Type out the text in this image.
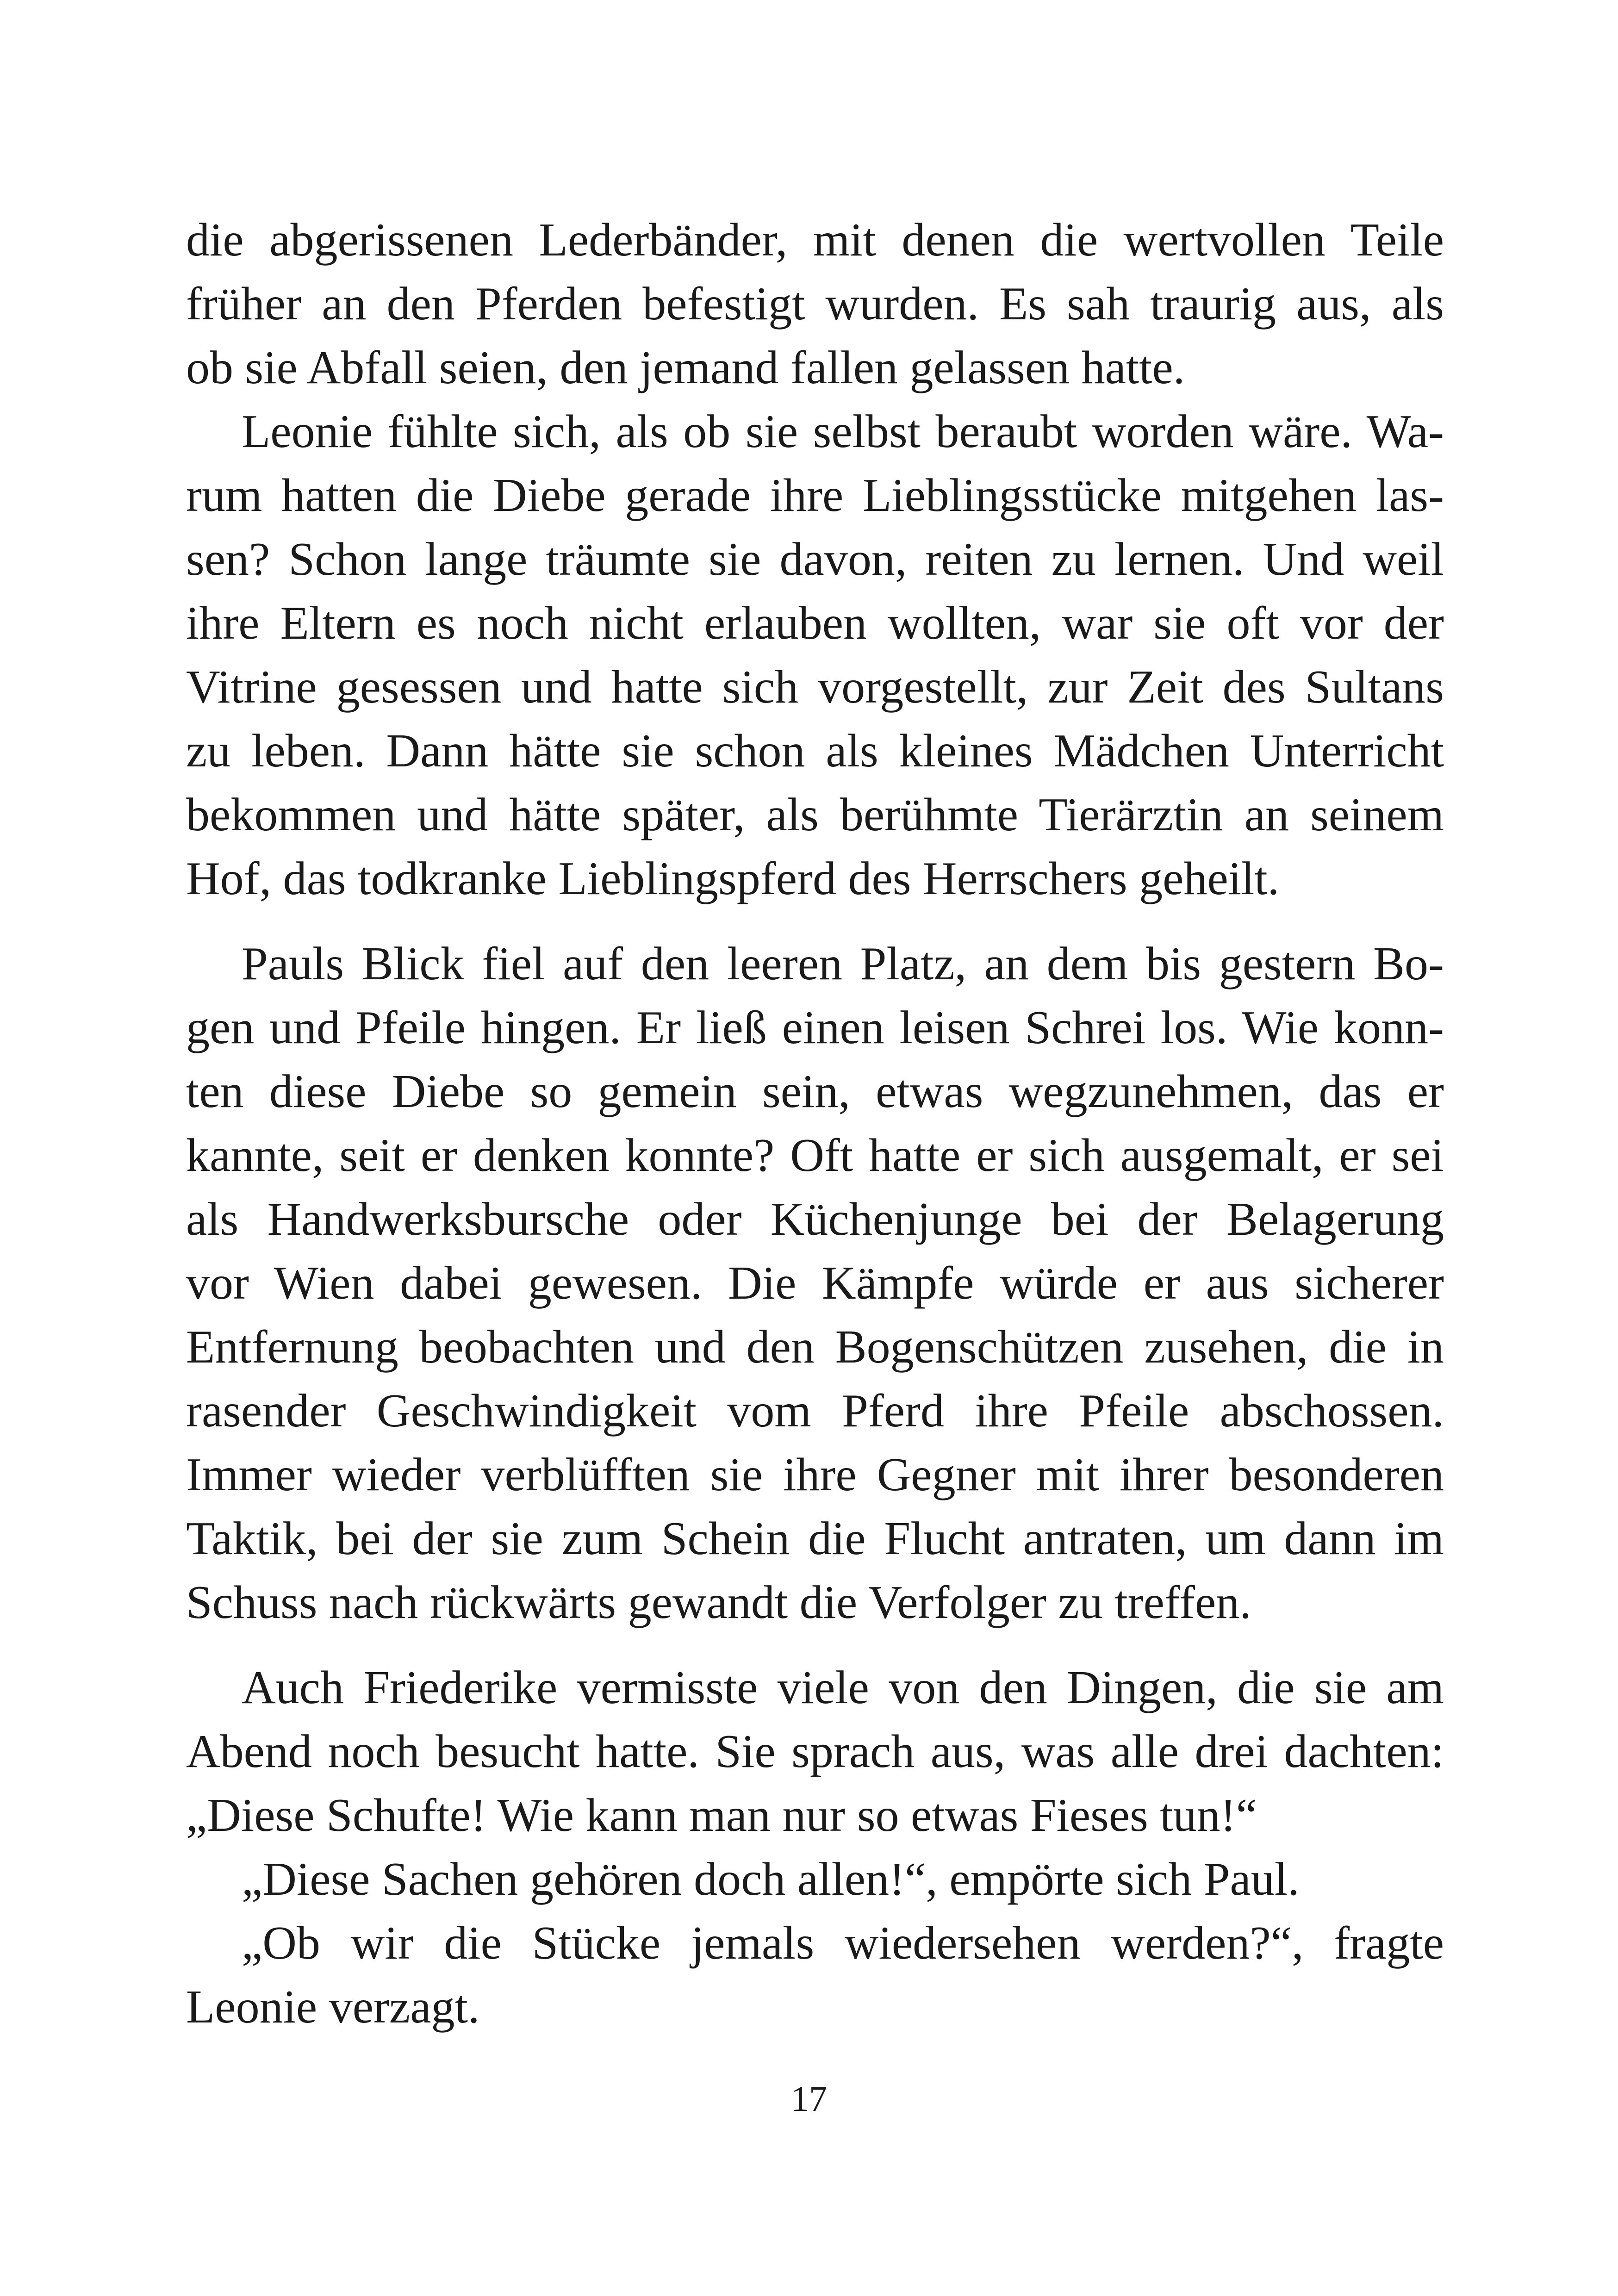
die abgerissenen Lederbänder, mit denen die wertvollen Teile
früher an den Pferden befestigt wurden. Es sah traurig aus, als
ob sie Abfall seien, den jemand fallen gelassen hatte.
Leonie fühlte sich, als ob sie selbst beraubt worden wäre. Wa-
rum hatten die Diebe gerade ihre Lieblingsstücke mitgehen las-
sen? Schon lange träumte sie davon, reiten zu lernen. Und weil
ihre Eltern es noch nicht erlauben wollten, war sie oft vor der
Vitrine gesessen und hatte sich vorgestellt, zur Zeit des Sultans
zu leben. Dann hätte sie schon als kleines Mädchen Unterricht
bekommen und hätte später, als berühmte Tierärztin an seinem
Hof, das todkranke Lieblingspferd des Herrschers geheilt.
Pauls Blick fiel auf den leeren Platz, an dem bis gestern Bo-
gen und Pfeile hingen. Er ließ einen leisen Schrei los. Wie konn-
ten diese Diebe so gemein sein, etwas wegzunehmen, das er
kannte, seit er denken konnte? Oft hatte er sich ausgemalt, er sei
als Handwerksbursche oder Küchenjunge bei der Belagerung
vor Wien dabei gewesen. Die Kämpfe würde er aus sicherer
Entfernung beobachten und den Bogenschützen zusehen, die in
rasender Geschwindigkeit vom Pferd ihre Pfeile abschossen.
Immer wieder verblüfften sie ihre Gegner mit ihrer besonderen
Taktik, bei der sie zum Schein die Flucht antraten, um dann im
Schuss nach rückwärts gewandt die Verfolger zu treffen.
Auch Friederike vermisste viele von den Dingen, die sie am
Abend noch besucht hatte. Sie sprach aus, was alle drei dachten:
„Diese Schufte! Wie kann man nur so etwas Fieses tun!“
„Diese Sachen gehören doch allen!“, empörte sich Paul.
„Ob wir die Stücke jemals wiedersehen werden?“, fragte
Leonie verzagt.
17
